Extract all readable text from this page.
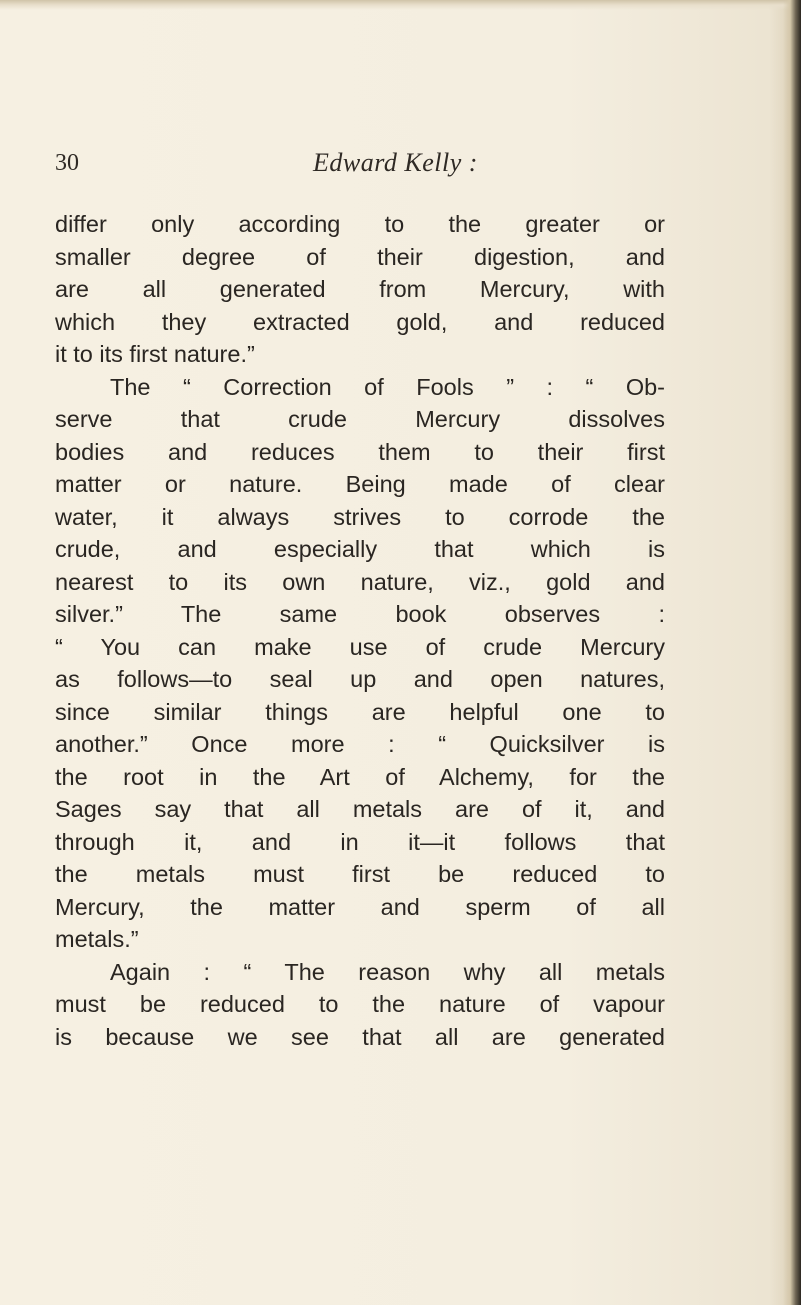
30	Edward Kelly :
differ only according to the greater or
smaller degree of their digestion, and
are all generated from Mercury, with
which they extracted gold, and reduced
it to its first nature.”
The “ Correction of Fools ” : “ Ob-
serve that crude Mercury dissolves
bodies and reduces them to their first
matter or nature. Being made of clear
water, it always strives to corrode the
crude, and especially that which is
nearest to its own nature, viz., gold and
silver.” The same book observes :
“ You can make use of crude Mercury
as follows—to seal up and open natures,
since similar things are helpful one to
another.” Once more : “ Quicksilver is
the root in the Art of Alchemy, for the
Sages say that all metals are of it, and
through it, and in it—it follows that
the metals must first be reduced to
Mercury, the matter and sperm of all
metals.”
Again : “ The reason why all metals
must be reduced to the nature of vapour
is because we see that all are generated
